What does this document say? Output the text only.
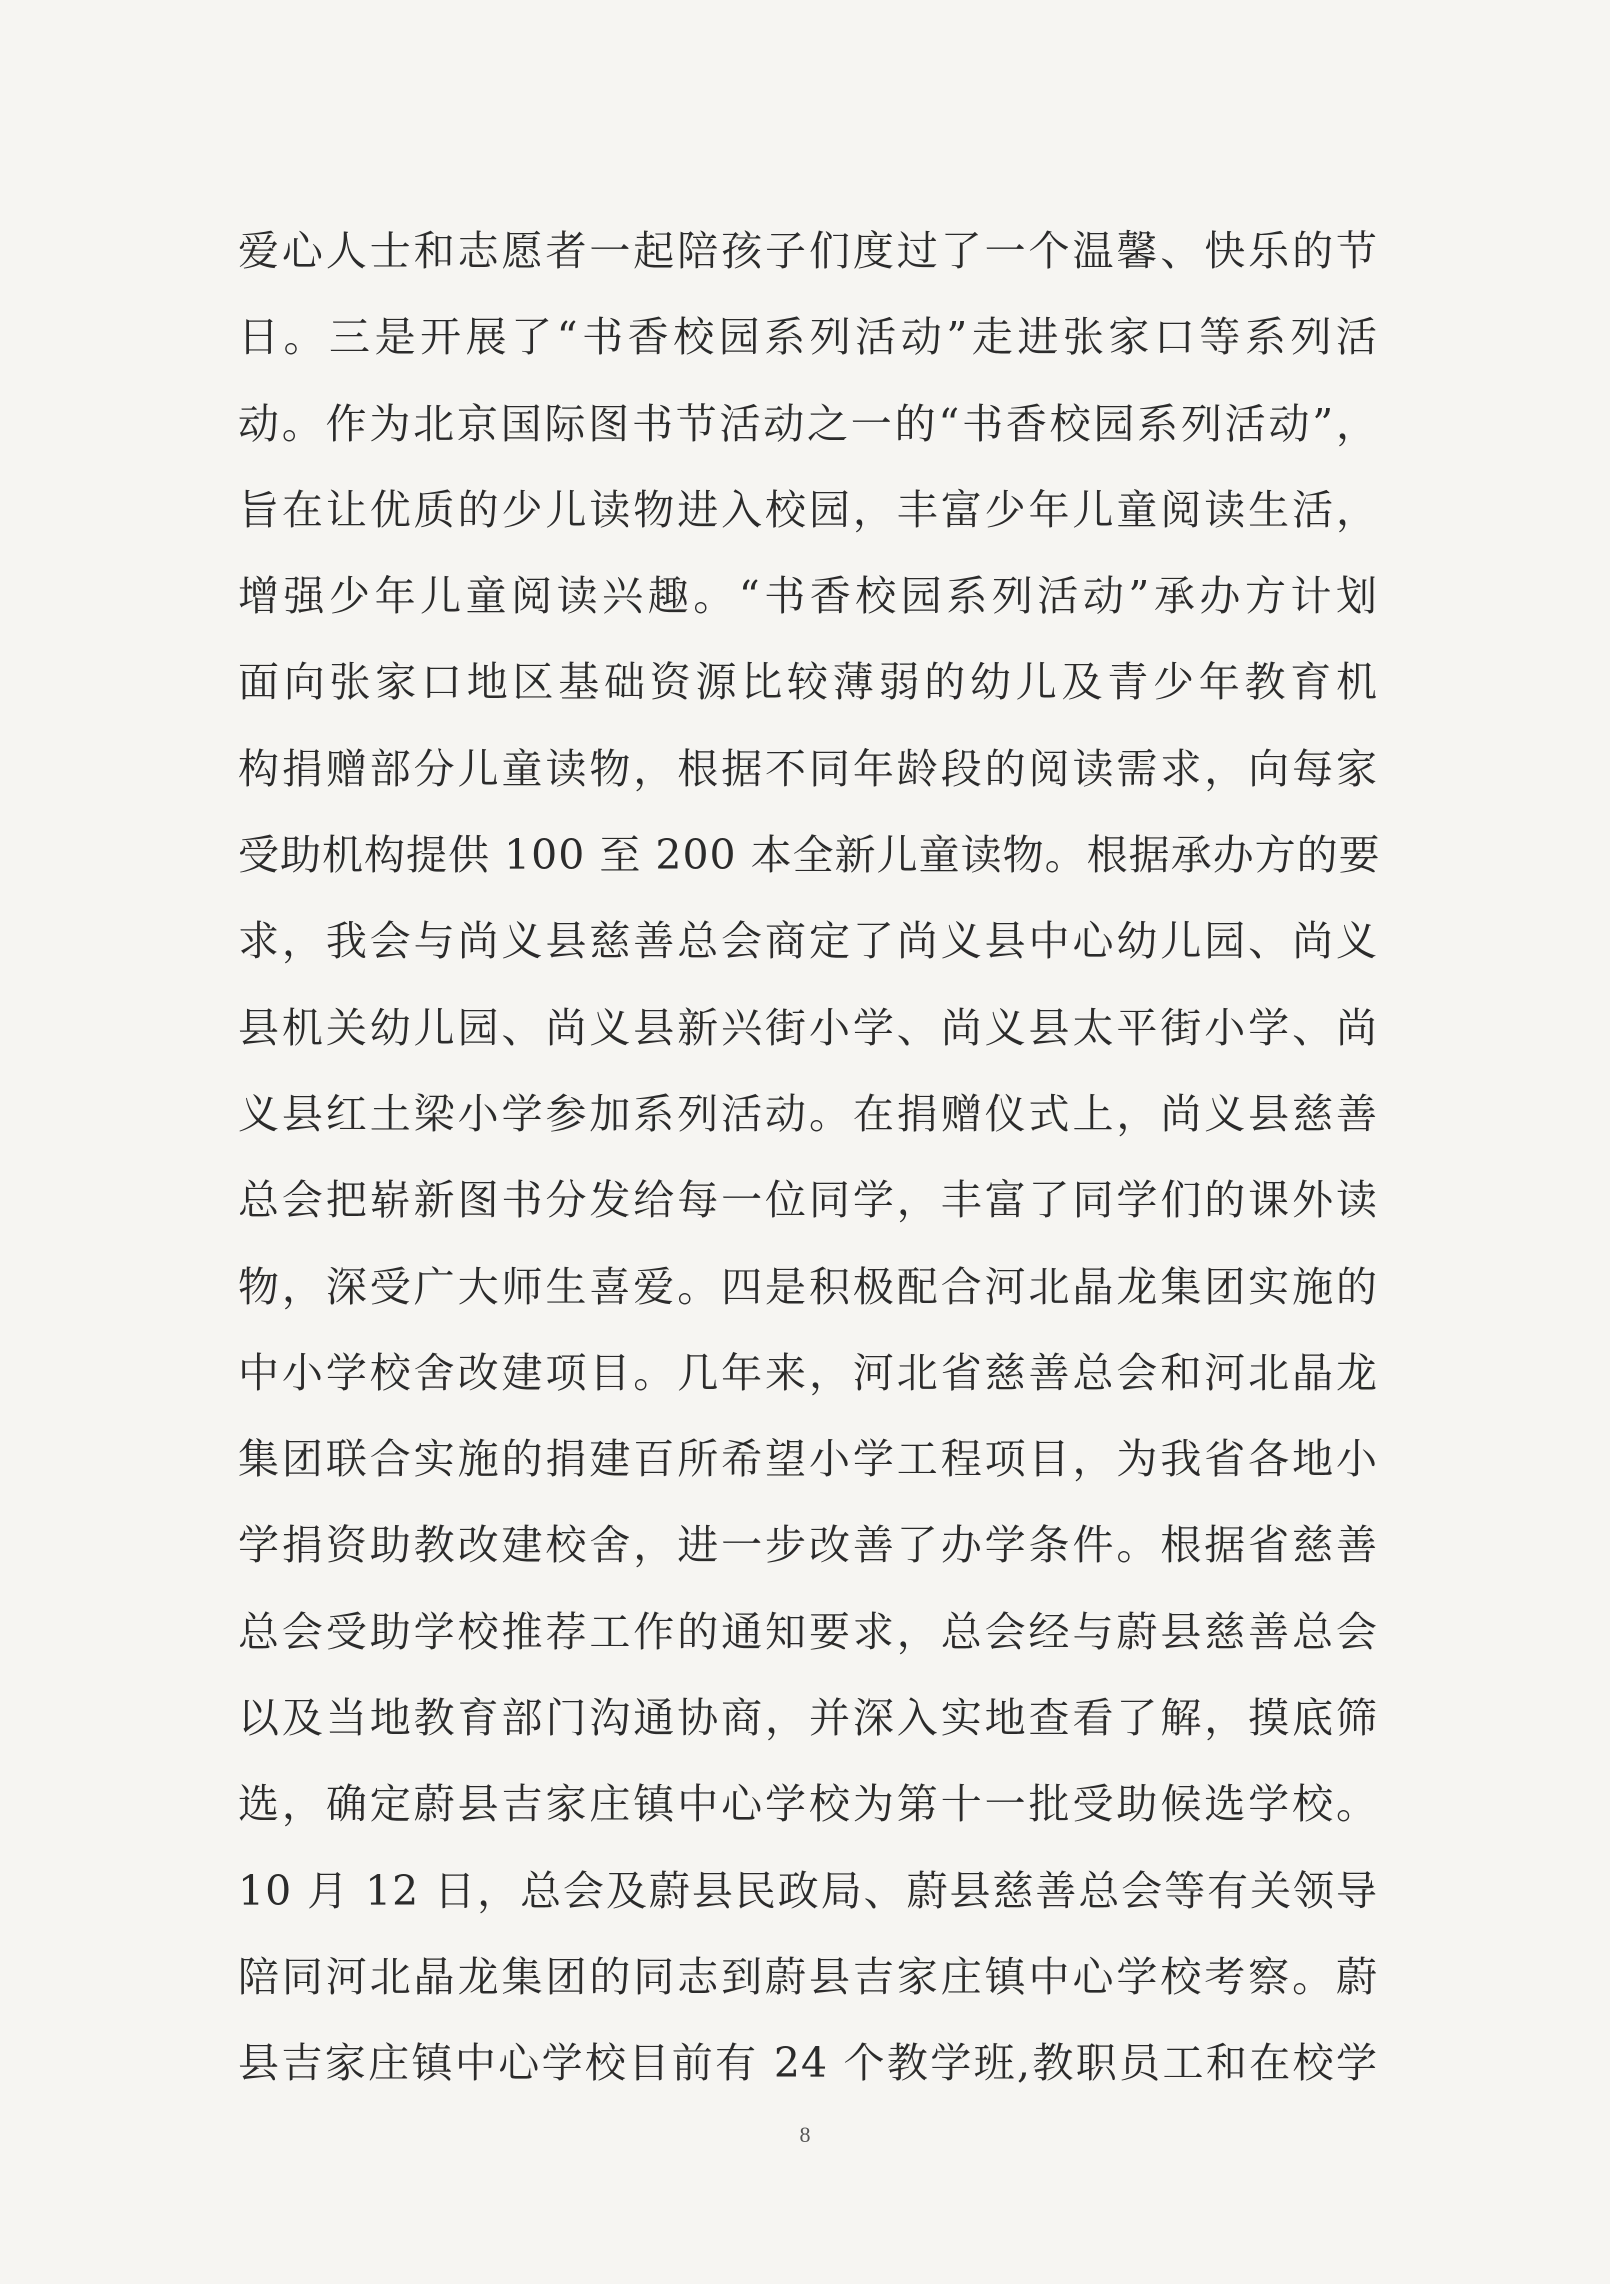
爱心人士和志愿者一起陪孩子们度过了一个温馨、快乐的节
日。三是开展了“书香校园系列活动”走进张家口等系列活
动。作为北京国际图书节活动之一的“书香校园系列活动”，
旨在让优质的少儿读物进入校园，丰富少年儿童阅读生活，
增强少年儿童阅读兴趣。“书香校园系列活动”承办方计划
面向张家口地区基础资源比较薄弱的幼儿及青少年教育机
构捐赠部分儿童读物，根据不同年龄段的阅读需求，向每家
受助机构提供 100 至 200 本全新儿童读物。根据承办方的要
求，我会与尚义县慈善总会商定了尚义县中心幼儿园、尚义
县机关幼儿园、尚义县新兴街小学、尚义县太平街小学、尚
义县红土梁小学参加系列活动。在捐赠仪式上，尚义县慈善
总会把崭新图书分发给每一位同学，丰富了同学们的课外读
物，深受广大师生喜爱。四是积极配合河北晶龙集团实施的
中小学校舍改建项目。几年来，河北省慈善总会和河北晶龙
集团联合实施的捐建百所希望小学工程项目，为我省各地小
学捐资助教改建校舍，进一步改善了办学条件。根据省慈善
总会受助学校推荐工作的通知要求，总会经与蔚县慈善总会
以及当地教育部门沟通协商，并深入实地查看了解，摸底筛
选，确定蔚县吉家庄镇中心学校为第十一批受助候选学校。
10 月 12 日，总会及蔚县民政局、蔚县慈善总会等有关领导
陪同河北晶龙集团的同志到蔚县吉家庄镇中心学校考察。蔚
县吉家庄镇中心学校目前有 24 个教学班,教职员工和在校学
8
